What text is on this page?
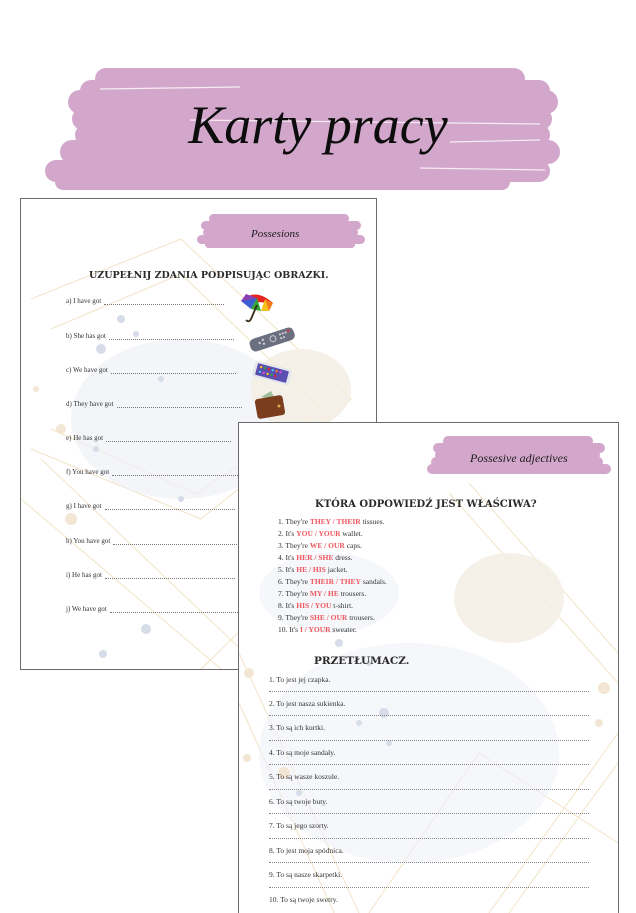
Karty pracy
Possesions
UZUPEŁNIJ ZDANIA PODPISUJĄC OBRAZKI.
a) I have got
b) She has got
c) We have got
d) They have got
e) He has got
f) You have got
g) I have got
h) You have got
i) He has got
j) We have got
Possesive adjectives
KTÓRA ODPOWIEDŹ JEST WŁAŚCIWA?
1. They're THEY / THEIR tissues.
2. It's YOU / YOUR wallet.
3. They're WE / OUR caps.
4. It's HER / SHE dress.
5. It's HE / HIS jacket.
6. They're THEIR / THEY sandals.
7. They're MY / HE trousers.
8. It's HIS / YOU t-shirt.
9. They're SHE / OUR trousers.
10. It's I / YOUR sweater.
PRZETŁUMACZ.
1. To jest jej czapka.
2. To jest nasza sukienka.
3. To są ich kurtki.
4. To są moje sandały.
5. To są wasze koszule.
6. To są twoje buty.
7. To są jego szorty.
8. To jest moja spódnica.
9. To są nasze skarpetki.
10. To są twoje swetry.
